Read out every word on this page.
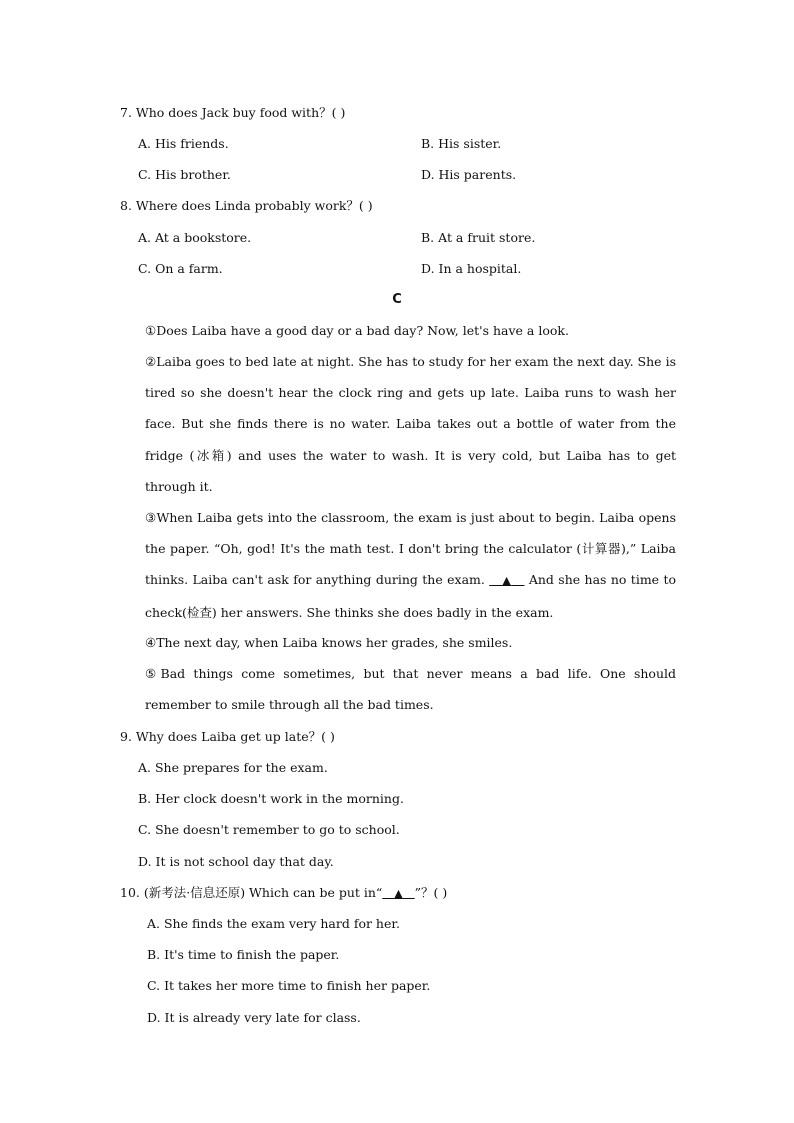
7. Who does Jack buy food with？( )
A. His friends.	B. His sister.
C. His brother.	D. His parents.
8. Where does Linda probably work？( )
A. At a bookstore.	B. At a fruit store.
C. On a farm.	D. In a hospital.
C
①Does Laiba have a good day or a bad day? Now, let's have a look.
②Laiba goes to bed late at night. She has to study for her exam the next day. She is tired so she doesn't hear the clock ring and gets up late. Laiba runs to wash her face. But she finds there is no water. Laiba takes out a bottle of water from the fridge (冰箱) and uses the water to wash. It is very cold, but Laiba has to get through it.
③When Laiba gets into the classroom, the exam is just about to begin. Laiba opens the paper. “Oh, god! It's the math test. I don't bring the calculator (计算器),” Laiba thinks. Laiba can't ask for anything during the exam.    ▲    And she has no time to check(检查) her answers. She thinks she does badly in the exam.
④The next day, when Laiba knows her grades, she smiles.
⑤Bad things come sometimes, but that never means a bad life. One should remember to smile through all the bad times.
9. Why does Laiba get up late？( )
A. She prepares for the exam.
B. Her clock doesn't work in the morning.
C. She doesn't remember to go to school.
D. It is not school day that day.
10. (新考法·信息还原) Which can be put in“ ▲ ”？( )
A. She finds the exam very hard for her.
B. It's time to finish the paper.
C. It takes her more time to finish her paper.
D. It is already very late for class.
